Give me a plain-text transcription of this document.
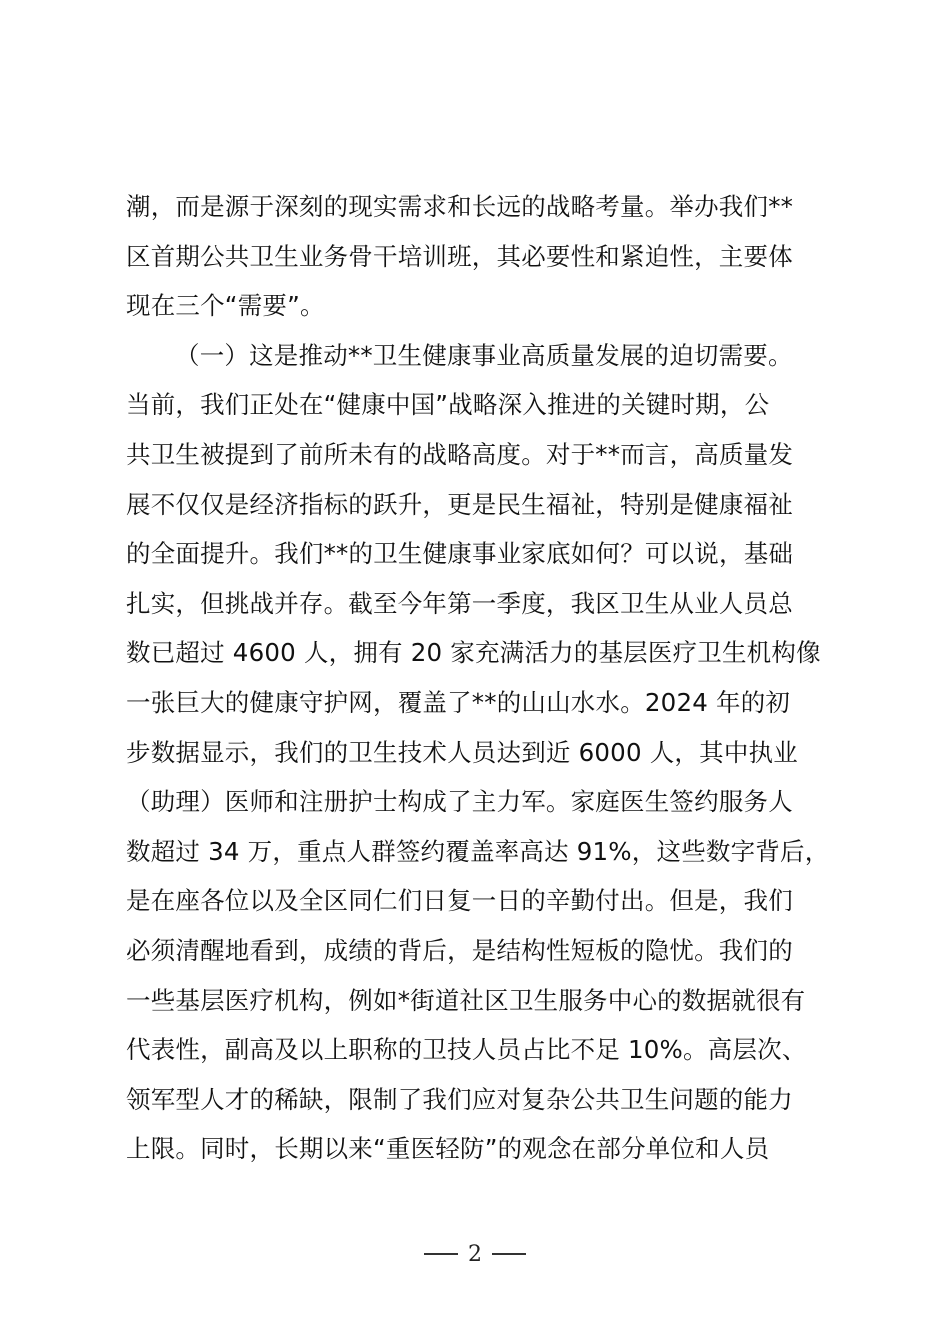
潮，而是源于深刻的现实需求和长远的战略考量。举办我们**
区首期公共卫生业务骨干培训班，其必要性和紧迫性，主要体
现在三个“需要”。
（一）这是推动**卫生健康事业高质量发展的迫切需要。
当前，我们正处在“健康中国”战略深入推进的关键时期，公
共卫生被提到了前所未有的战略高度。对于**而言，高质量发
展不仅仅是经济指标的跃升，更是民生福祉，特别是健康福祉
的全面提升。我们**的卫生健康事业家底如何？可以说，基础
扎实，但挑战并存。截至今年第一季度，我区卫生从业人员总
数已超过 4600 人，拥有 20 家充满活力的基层医疗卫生机构像
一张巨大的健康守护网，覆盖了**的山山水水。2024 年的初
步数据显示，我们的卫生技术人员达到近 6000 人，其中执业
（助理）医师和注册护士构成了主力军。家庭医生签约服务人
数超过 34 万，重点人群签约覆盖率高达 91%，这些数字背后，
是在座各位以及全区同仁们日复一日的辛勤付出。但是，我们
必须清醒地看到，成绩的背后，是结构性短板的隐忧。我们的
一些基层医疗机构，例如*街道社区卫生服务中心的数据就很有
代表性，副高及以上职称的卫技人员占比不足 10%。高层次、
领军型人才的稀缺，限制了我们应对复杂公共卫生问题的能力
上限。同时，长期以来“重医轻防”的观念在部分单位和人员
2
